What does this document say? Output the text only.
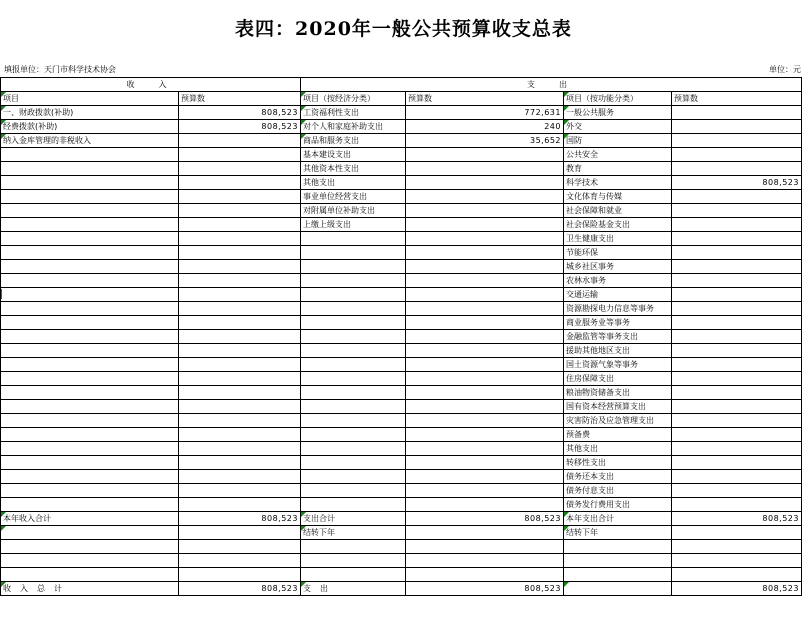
表四：2020年一般公共预算收支总表
填报单位：天门市科学技术协会	单位：元
收　入		支　出			
项目	预算数	项目（按经济分类）	预算数	项目（按功能分类）	预算数
一、财政拨款(补助)	808,523	工资福利性支出	772,631	一般公共服务	
经费拨款(补助)	808,523	对个人和家庭补助支出	240	外交	
纳入金库管理的非税收入		商品和服务支出	35,652	国防	
		基本建设支出		公共安全	
		其他资本性支出		教育	
		其他支出		科学技术	808,523
		事业单位经营支出		文化体育与传媒	
		对附属单位补助支出		社会保障和就业	
		上缴上级支出		社会保险基金支出	
				卫生健康支出	
				节能环保	
				城乡社区事务	
				农林水事务	
				交通运输	
				资源勘探电力信息等事务	
				商业服务业等事务	
				金融监管等事务支出	
				援助其他地区支出	
				国土资源气象等事务	
				住房保障支出	
				粮油物资储备支出	
				国有资本经营预算支出	
				灾害防治及应急管理支出	
				预备费	
				其他支出	
				转移性支出	
				债务还本支出	
				债务付息支出	
				债务发行费用支出	
本年收入合计	808,523	支出合计	808,523	本年支出合计	808,523
		结转下年		结转下年	

收入总计	808,523	支出	808,523		808,523
